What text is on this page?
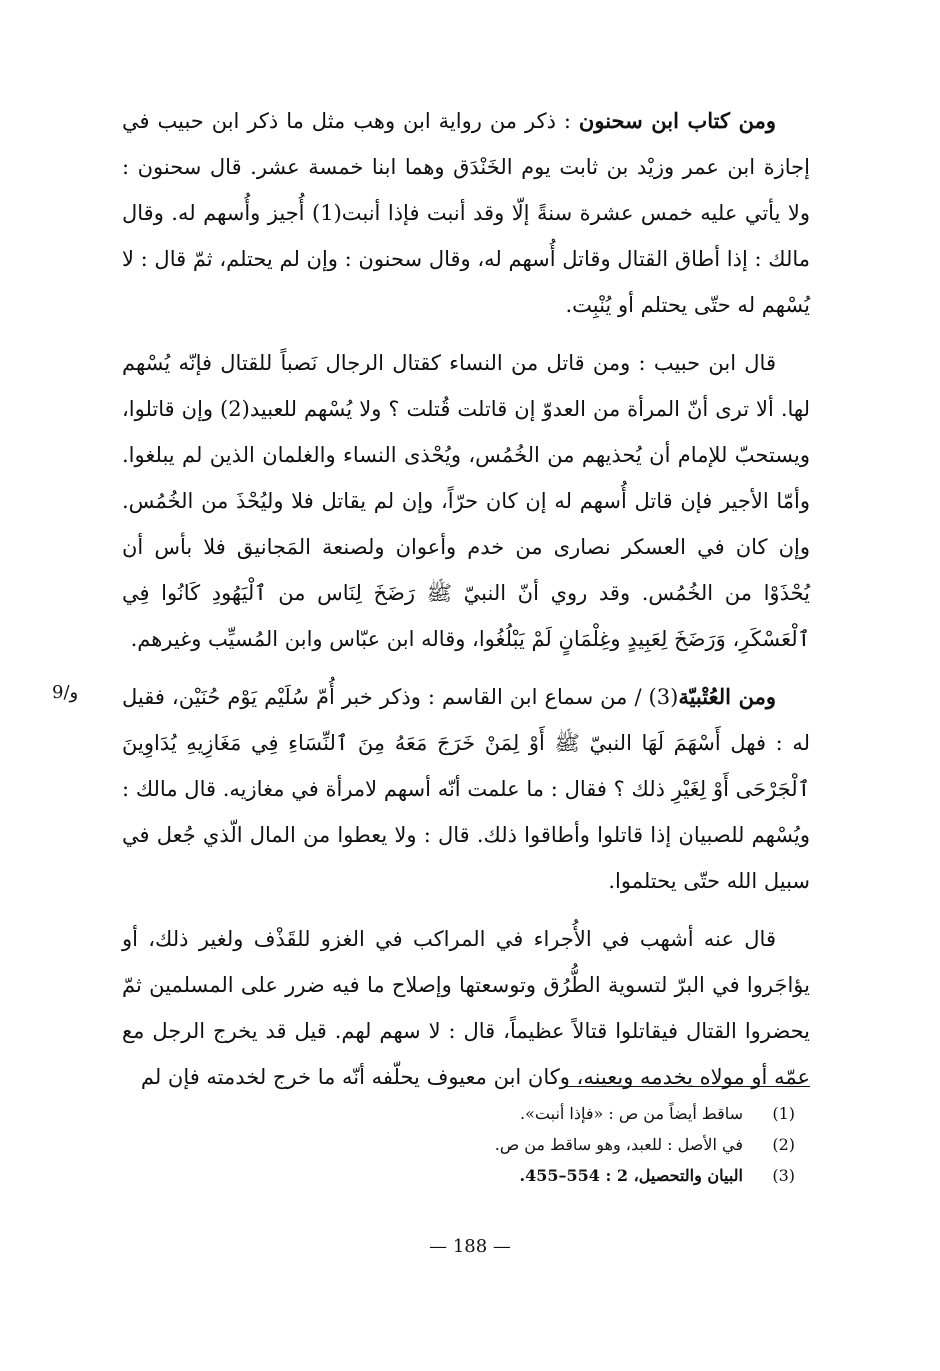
ومن كتاب ابن سحنون : ذكر من رواية ابن وهب مثل ما ذكر ابن حبيب في إجازة ابن عمر وزيْد بن ثابت يوم الخَنْدَق وهما ابنا خمسة عشر. قال سحنون : ولا يأتي عليه خمس عشرة سنةً إلّا وقد أنبت فإذا أنبت(1) أُجيز وأُسهم له. وقال مالك : إذا أطاق القتال وقاتل أُسهم له، وقال سحنون : وإن لم يحتلم، ثمّ قال : لا يُسْهم له حتّى يحتلم أو يُنْبِت.

قال ابن حبيب : ومن قاتل من النساء كقتال الرجال نَصباً للقتال فإنّه يُسْهم لها. ألا ترى أنّ المرأة من العدوّ إن قاتلت قُتلت ؟ ولا يُسْهم للعبيد(2) وإن قاتلوا، ويستحبّ للإمام أن يُحذيهم من الخُمُس، ويُحْذى النساء والغلمان الذين لم يبلغوا. وأمّا الأجير فإن قاتل أُسهم له إن كان حرّاً، وإن لم يقاتل فلا وليُحْذَ من الخُمُس. وإن كان في العسكر نصارى من خدم وأعوان ولصنعة المَجانيق فلا بأس أن يُحْذَوْا من الخُمُس. وقد روي أنّ النبيّ ﷺ رَضَخَ لِنَاس من ٱلْيَهُودِ كَانُوا فِي ٱلْعَسْكَرِ، وَرَضَخَ لِعَبِيدٍ وغِلْمَانٍ لَمْ يَبْلُغُوا، وقاله ابن عبّاس وابن المُسيِّب وغيرهم.

ومن العُتْبيّة(3) / من سماع ابن القاسم : وذكر خبر أُمّ سُلَيْم يَوْم حُنَيْن، فقيل له : فهل أَسْهَمَ لَهَا النبيّ ﷺ أَوْ لِمَنْ خَرَجَ مَعَهُ مِنَ ٱلنِّسَاءِ فِي مَغَازِيهِ يُدَاوِينَ ٱلْجَرْحَى أَوْ لِغَيْرِ ذلك ؟ فقال : ما علمت أنّه أسهم لامرأة في مغازيه. قال مالك : ويُسْهم للصبيان إذا قاتلوا وأطاقوا ذلك. قال : ولا يعطوا من المال الّذي جُعل في سبيل الله حتّى يحتلموا.

قال عنه أشهب في الأُجراء في المراكب في الغزو للقَذْف ولغير ذلك، أو يؤاجَروا في البرّ لتسوية الطُّرُق وتوسعتها وإصلاح ما فيه ضرر على المسلمين ثمّ يحضروا القتال فيقاتلوا قتالاً عظيماً، قال : لا سهم لهم. قيل قد يخرج الرجل مع عمّه أو مولاه يخدمه ويعينه، وكان ابن معيوف يحلّفه أنّه ما خرج لخدمته فإن لم

9/و
(1)
ساقط أيضاً من ص : «فإذا أنبت».
(2)
في الأصل : للعبد، وهو ساقط من ص.
(3)
البيان والتحصيل، 2 : 554–455.
— 188 —
